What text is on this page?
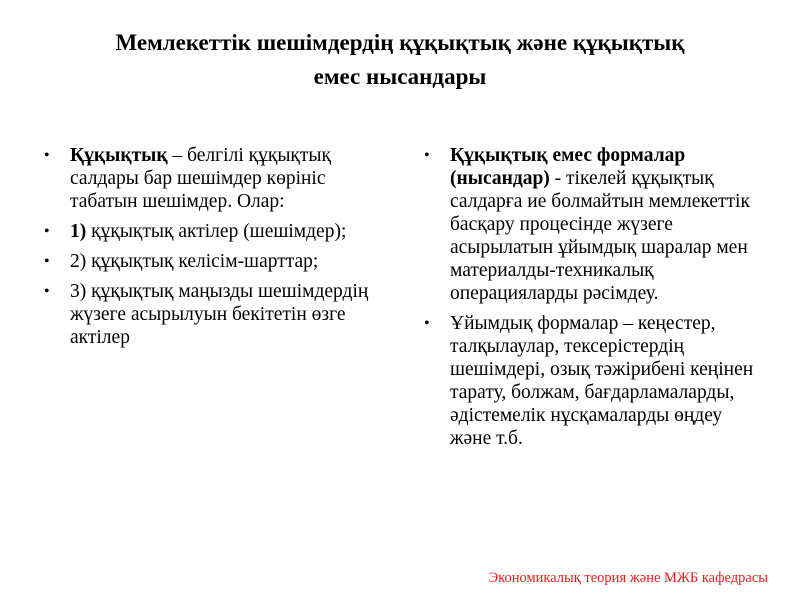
Мемлекеттік шешімдердің құқықтық және құқықтық
емес нысандары
• Құқықтық – белгілі құқықтық салдары бар шешімдер көрініс табатын шешімдер. Олар:
• 1) құқықтық актілер (шешімдер);
• 2) құқықтық келісім-шарттар;
• 3) құқықтық маңызды шешімдердің жүзеге асырылуын бекітетін өзге актілер
• Құқықтық емес формалар (нысандар) - тікелей құқықтық салдарға ие болмайтын мемлекеттік басқару процесінде жүзеге асырылатын ұйымдық шаралар мен материалды-техникалық операцияларды рәсімдеу.
• Ұйымдық формалар – кеңестер, талқылаулар, тексерістердің шешімдері, озық тәжірибені кеңінен тарату, болжам, бағдарламаларды, әдістемелік нұсқамаларды өңдеу және т.б.
Экономикалық теория және МЖБ кафедрасы
